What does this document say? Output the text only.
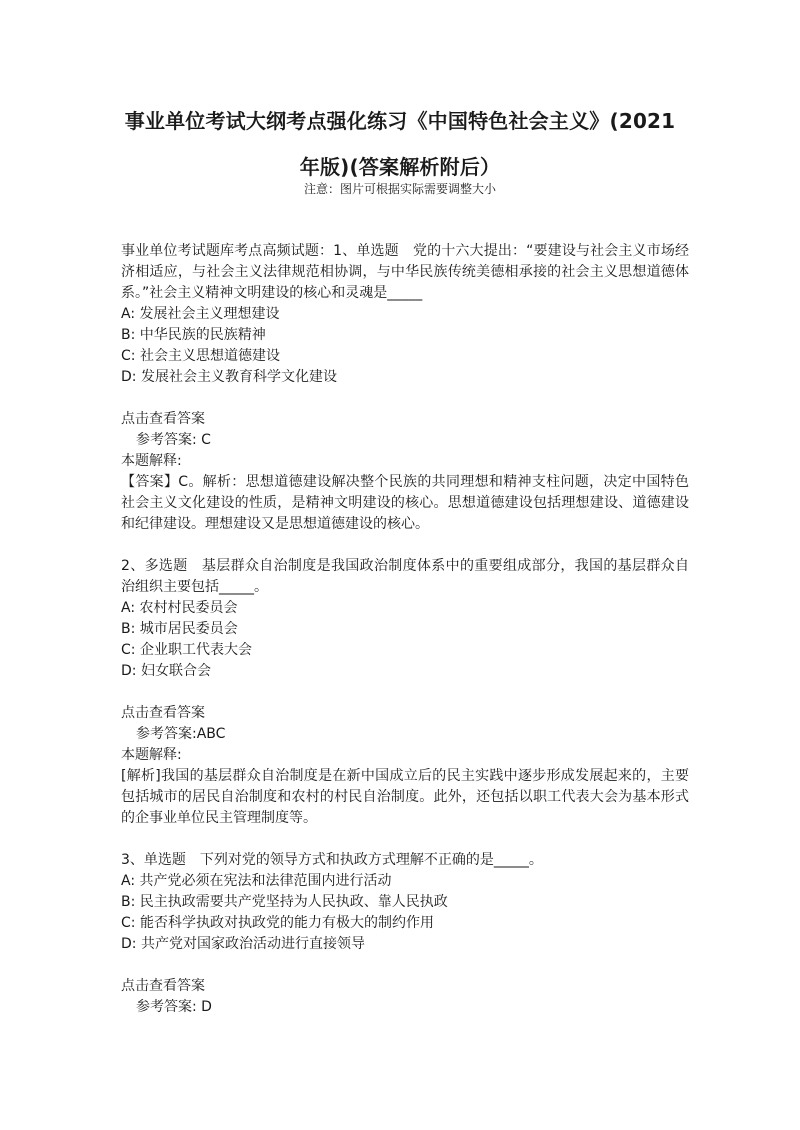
事业单位考试大纲考点强化练习《中国特色社会主义》(2021
年版)(答案解析附后）
注意：图片可根据实际需要调整大小

事业单位考试题库考点高频试题：1、单选题　党的十六大提出：“要建设与社会主义市场经济相适应，与社会主义法律规范相协调，与中华民族传统美德相承接的社会主义思想道德体系。”社会主义精神文明建设的核心和灵魂是_____

A: 发展社会主义理想建设

B: 中华民族的民族精神

C: 社会主义思想道德建设

D: 发展社会主义教育科学文化建设

点击查看答案

参考答案: C

本题解释:

【答案】C。解析：思想道德建设解决整个民族的共同理想和精神支柱问题，决定中国特色社会主义文化建设的性质，是精神文明建设的核心。思想道德建设包括理想建设、道德建设和纪律建设。理想建设又是思想道德建设的核心。

2、多选题　基层群众自治制度是我国政治制度体系中的重要组成部分，我国的基层群众自治组织主要包括_____。

A: 农村村民委员会

B: 城市居民委员会

C: 企业职工代表大会

D: 妇女联合会

点击查看答案

参考答案:ABC

本题解释:

[解析]我国的基层群众自治制度是在新中国成立后的民主实践中逐步形成发展起来的，主要包括城市的居民自治制度和农村的村民自治制度。此外，还包括以职工代表大会为基本形式的企事业单位民主管理制度等。

3、单选题　下列对党的领导方式和执政方式理解不正确的是_____。

A: 共产党必须在宪法和法律范围内进行活动

B: 民主执政需要共产党坚持为人民执政、靠人民执政

C: 能否科学执政对执政党的能力有极大的制约作用

D: 共产党对国家政治活动进行直接领导

点击查看答案

参考答案: D
